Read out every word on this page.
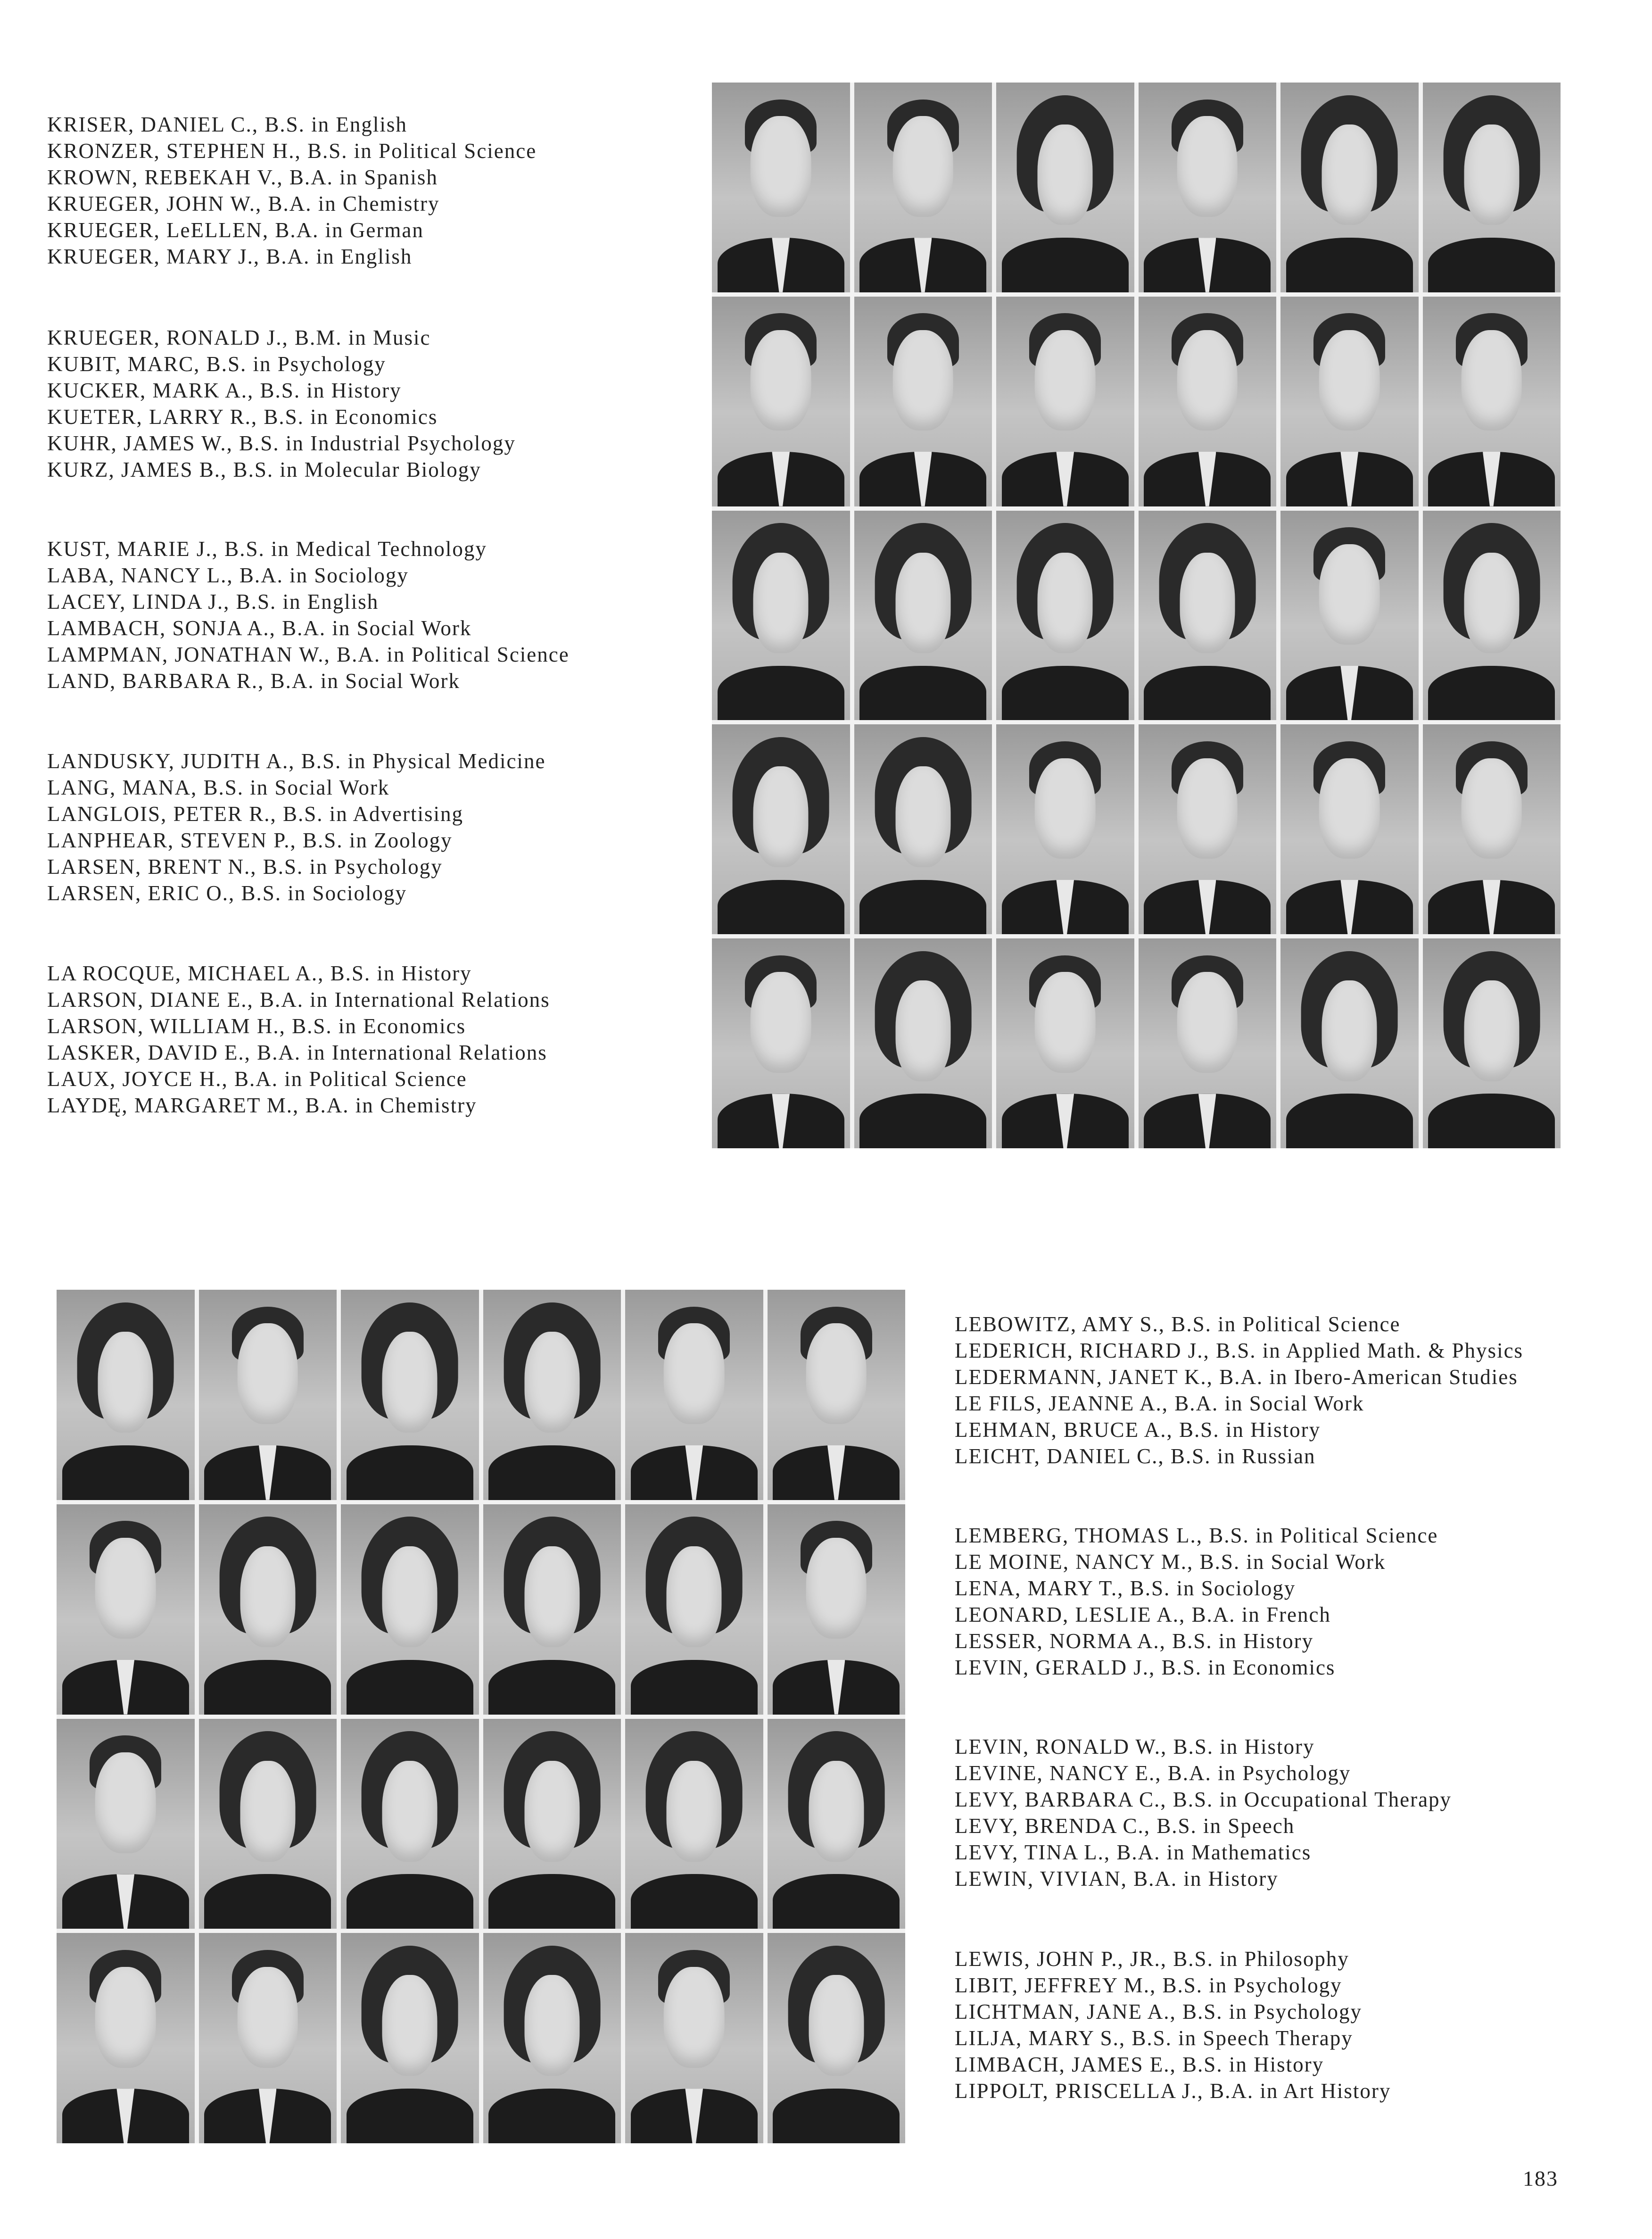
KRISER, DANIEL C., B.S. in English
KRONZER, STEPHEN H., B.S. in Political Science
KROWN, REBEKAH V., B.A. in Spanish
KRUEGER, JOHN W., B.A. in Chemistry
KRUEGER, LeELLEN, B.A. in German
KRUEGER, MARY J., B.A. in English
KRUEGER, RONALD J., B.M. in Music
KUBIT, MARC, B.S. in Psychology
KUCKER, MARK A., B.S. in History
KUETER, LARRY R., B.S. in Economics
KUHR, JAMES W., B.S. in Industrial Psychology
KURZ, JAMES B., B.S. in Molecular Biology
KUST, MARIE J., B.S. in Medical Technology
LABA, NANCY L., B.A. in Sociology
LACEY, LINDA J., B.S. in English
LAMBACH, SONJA A., B.A. in Social Work
LAMPMAN, JONATHAN W., B.A. in Political Science
LAND, BARBARA R., B.A. in Social Work
LANDUSKY, JUDITH A., B.S. in Physical Medicine
LANG, MANA, B.S. in Social Work
LANGLOIS, PETER R., B.S. in Advertising
LANPHEAR, STEVEN P., B.S. in Zoology
LARSEN, BRENT N., B.S. in Psychology
LARSEN, ERIC O., B.S. in Sociology
LA ROCQUE, MICHAEL A., B.S. in History
LARSON, DIANE E., B.A. in International Relations
LARSON, WILLIAM H., B.S. in Economics
LASKER, DAVID E., B.A. in International Relations
LAUX, JOYCE H., B.A. in Political Science
LAYDĘ, MARGARET M., B.A. in Chemistry
LEBOWITZ, AMY S., B.S. in Political Science
LEDERICH, RICHARD J., B.S. in Applied Math. & Physics
LEDERMANN, JANET K., B.A. in Ibero-American Studies
LE FILS, JEANNE A., B.A. in Social Work
LEHMAN, BRUCE A., B.S. in History
LEICHT, DANIEL C., B.S. in Russian
LEMBERG, THOMAS L., B.S. in Political Science
LE MOINE, NANCY M., B.S. in Social Work
LENA, MARY T., B.S. in Sociology
LEONARD, LESLIE A., B.A. in French
LESSER, NORMA A., B.S. in History
LEVIN, GERALD J., B.S. in Economics
LEVIN, RONALD W., B.S. in History
LEVINE, NANCY E., B.A. in Psychology
LEVY, BARBARA C., B.S. in Occupational Therapy
LEVY, BRENDA C., B.S. in Speech
LEVY, TINA L., B.A. in Mathematics
LEWIN, VIVIAN, B.A. in History
LEWIS, JOHN P., JR., B.S. in Philosophy
LIBIT, JEFFREY M., B.S. in Psychology
LICHTMAN, JANE A., B.S. in Psychology
LILJA, MARY S., B.S. in Speech Therapy
LIMBACH, JAMES E., B.S. in History
LIPPOLT, PRISCELLA J., B.A. in Art History
183
